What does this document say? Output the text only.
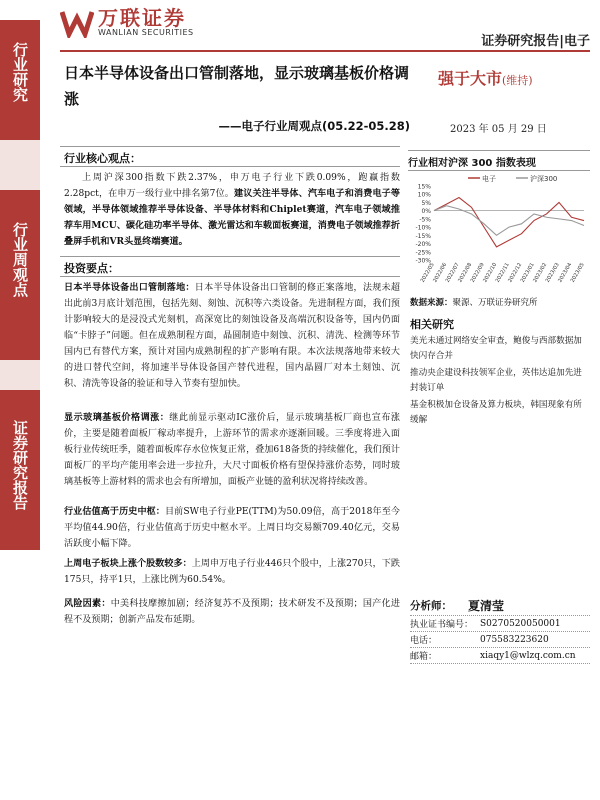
行业研究
行业周观点
证券研究报告
万联证券
WANLIAN SECURITIES
证券研究报告|电子
日本半导体设备出口管制落地，显示玻璃基板价格调涨
——电子行业周观点(05.22-05.28)
强于大市(维持)
2023 年 05 月 29 日
行业核心观点：
上周沪深300指数下跌2.37%，申万电子行业下跌0.09%，跑赢指数2.28pct，在申万一级行业中排名第7位。建议关注半导体、汽车电子和消费电子等领域，半导体领域推荐半导体设备、半导体材料和Chiplet赛道，汽车电子领域推荐车用MCU、碳化硅功率半导体、激光雷达和车载面板赛道，消费电子领域推荐折叠屏手机和VR头显终端赛道。
投资要点：
日本半导体设备出口管制落地：日本半导体设备出口管制的修正案落地，法规未超出此前3月底计划范围，包括先刻、刻蚀、沉积等六类设备。先进制程方面，我们预计影响较大的是浸没式光刻机，高深宽比的刻蚀设备及高端沉积设备等，国内仍面临“卡脖子”问题。但在成熟制程方面，晶圆制造中刻蚀、沉积、清洗、检测等环节国内已有替代方案，预计对国内成熟制程的扩产影响有限。本次法规落地带来较大的进口替代空间，将加速半导体设备国产替代进程，国内晶圆厂对本土刻蚀、沉积、清洗等设备的验证和导入节奏有望加快。
显示玻璃基板价格调涨：继此前显示驱动IC涨价后，显示玻璃基板厂商也宣布涨价，主要是随着面板厂稼动率提升，上游环节的需求亦逐渐回暖。三季度将进入面板行业传统旺季，随着面板库存水位恢复正常，叠加618备货的持续催化，我们预计面板厂的平均产能用率会进一步拉升，大尺寸面板价格有望保持涨价态势，同时玻璃基板等上游材料的需求也会有所增加，面板产业链的盈利状况将持续改善。
行业估值高于历史中枢：目前SW电子行业PE(TTM)为50.09倍，高于2018年至今平均值44.90倍，行业估值高于历史中枢水平。上周日均交易额709.40亿元，交易活跃度小幅下降。
上周电子板块上涨个股数较多：上周申万电子行业446只个股中，上涨270只，下跌175只，持平1只，上涨比例为60.54%。
风险因素：中美科技摩擦加剧；经济复苏不及预期；技术研发不及预期；国产化进程不及预期；创新产品发布延期。
行业相对沪深 300 指数表现
电子	沪深300
15%
10%
5%
0%
-5%
-10%
-15%
-20%
-25%
-30%
2022/05
2022/06
2022/07
2022/08
2022/09
2022/10
2022/11
2022/12
2023/01
2023/02
2023/03
2023/04
2023/05
数据来源：聚源、万联证券研究所
相关研究
美光未通过网络安全审查，鲍俊与西部数据加快闪存合并
推动央企建设科技领军企业，英伟达追加先进封装订单
基金积极加仓设备及算力板块，韩国现象有所缓解
分析师：	夏清莹
执业证书编号： S0270520050001
电话：	075583223620
邮箱：	xiaqy1@wlzq.com.cn
